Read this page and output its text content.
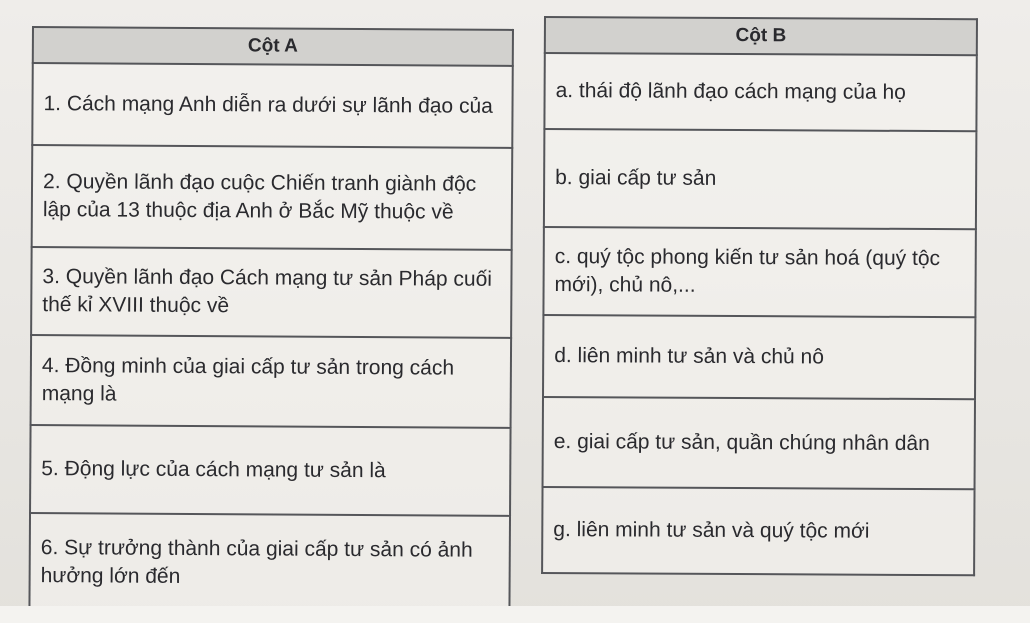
Cột A
1. Cách mạng Anh diễn ra dưới sự lãnh đạo của
2. Quyền lãnh đạo cuộc Chiến tranh giành độc lập của 13 thuộc địa Anh ở Bắc Mỹ thuộc về
3. Quyền lãnh đạo Cách mạng tư sản Pháp cuối thế kỉ XVIII thuộc về
4. Đồng minh của giai cấp tư sản trong cách mạng là
5. Động lực của cách mạng tư sản là
6. Sự trưởng thành của giai cấp tư sản có ảnh hưởng lớn đến
Cột B
a. thái độ lãnh đạo cách mạng của họ
b. giai cấp tư sản
c. quý tộc phong kiến tư sản hoá (quý tộc mới), chủ nô,...
d. liên minh tư sản và chủ nô
e. giai cấp tư sản, quần chúng nhân dân
g. liên minh tư sản và quý tộc mới
